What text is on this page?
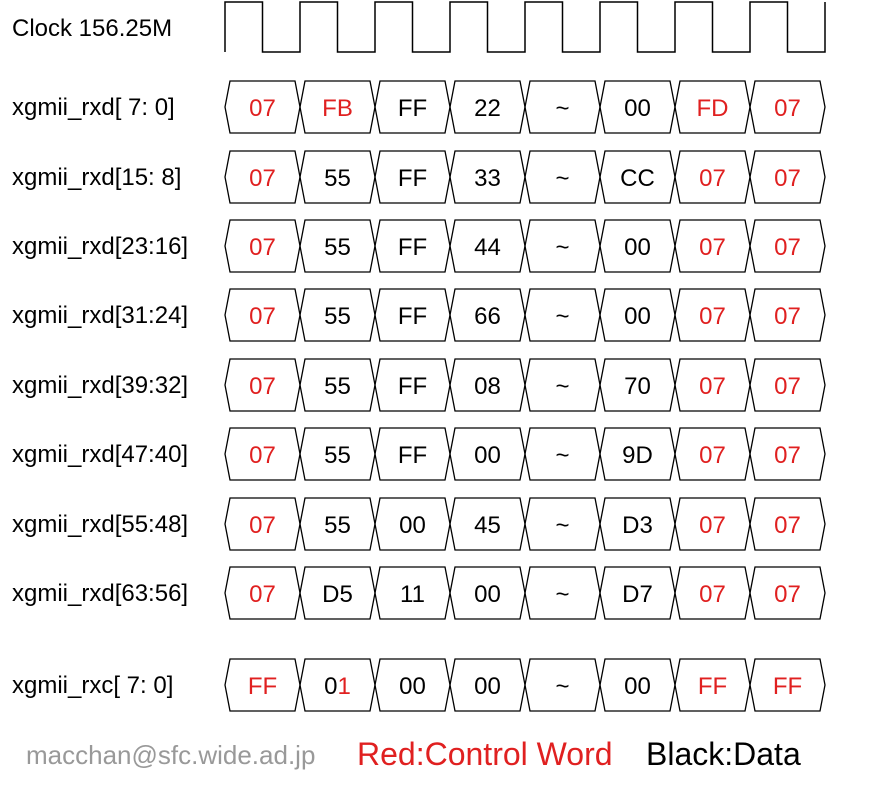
Clock 156.25M
xgmii_rxd[ 7: 0]	07 FB FF 22 ~ 00 FD 07
xgmii_rxd[15: 8]	07 55 FF 33 ~ CC 07 07
xgmii_rxd[23:16]	07 55 FF 44 ~ 00 07 07
xgmii_rxd[31:24]	07 55 FF 66 ~ 00 07 07
xgmii_rxd[39:32]	07 55 FF 08 ~ 70 07 07
xgmii_rxd[47:40]	07 55 FF 00 ~ 9D 07 07
xgmii_rxd[55:48]	07 55 00 45 ~ D3 07 07
xgmii_rxd[63:56]	07 D5 11 00 ~ D7 07 07
xgmii_rxc[ 7: 0]	FF 01 00 00 ~ 00 FF FF
macchan@sfc.wide.ad.jp Red:Control Word Black:Data
